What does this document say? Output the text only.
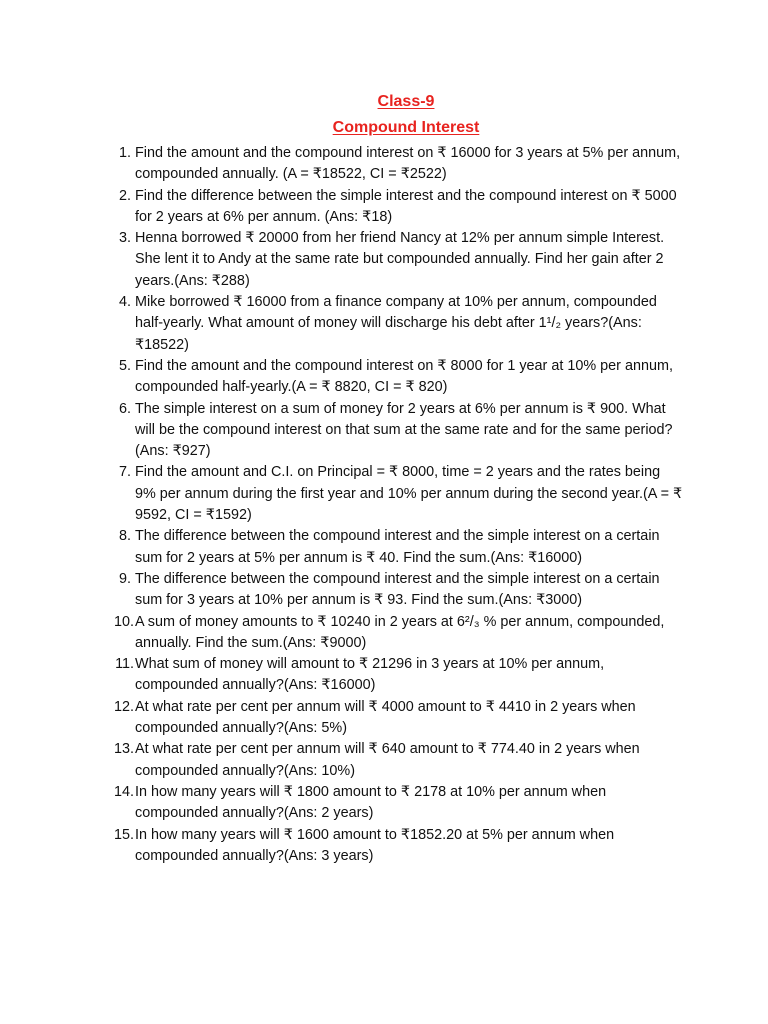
Class-9
Compound Interest
1. Find the amount and the compound interest on ₹ 16000 for 3 years at 5% per annum, compounded annually. (A = ₹18522, CI = ₹2522)
2. Find the difference between the simple interest and the compound interest on ₹ 5000 for 2 years at 6% per annum. (Ans: ₹18)
3. Henna borrowed ₹ 20000 from her friend Nancy at 12% per annum simple Interest. She lent it to Andy at the same rate but compounded annually. Find her gain after 2 years.(Ans: ₹288)
4. Mike borrowed ₹ 16000 from a finance company at 10% per annum, compounded half-yearly. What amount of money will discharge his debt after 1¹/₂ years?(Ans:₹18522)
5. Find the amount and the compound interest on ₹ 8000 for 1 year at 10% per annum, compounded half-yearly.(A = ₹ 8820, CI = ₹ 820)
6. The simple interest on a sum of money for 2 years at 6% per annum is ₹ 900. What will be the compound interest on that sum at the same rate and for the same period?(Ans: ₹927)
7. Find the amount and C.I. on Principal = ₹ 8000, time = 2 years and the rates being 9% per annum during the first year and 10% per annum during the second year.(A = ₹ 9592, CI = ₹1592)
8. The difference between the compound interest and the simple interest on a certain sum for 2 years at 5% per annum is ₹ 40. Find the sum.(Ans: ₹16000)
9. The difference between the compound interest and the simple interest on a certain sum for 3 years at 10% per annum is ₹ 93. Find the sum.(Ans: ₹3000)
10. A sum of money amounts to ₹ 10240 in 2 years at 6²/₃ % per annum, compounded, annually. Find the sum.(Ans: ₹9000)
11. What sum of money will amount to ₹ 21296 in 3 years at 10% per annum, compounded annually?(Ans: ₹16000)
12. At what rate per cent per annum will ₹ 4000 amount to ₹ 4410 in 2 years when compounded annually?(Ans: 5%)
13. At what rate per cent per annum will ₹ 640 amount to ₹ 774.40 in 2 years when compounded annually?(Ans: 10%)
14. In how many years will ₹ 1800 amount to ₹ 2178 at 10% per annum when compounded annually?(Ans: 2 years)
15. In how many years will ₹ 1600 amount to ₹1852.20 at 5% per annum when compounded annually?(Ans: 3 years)
